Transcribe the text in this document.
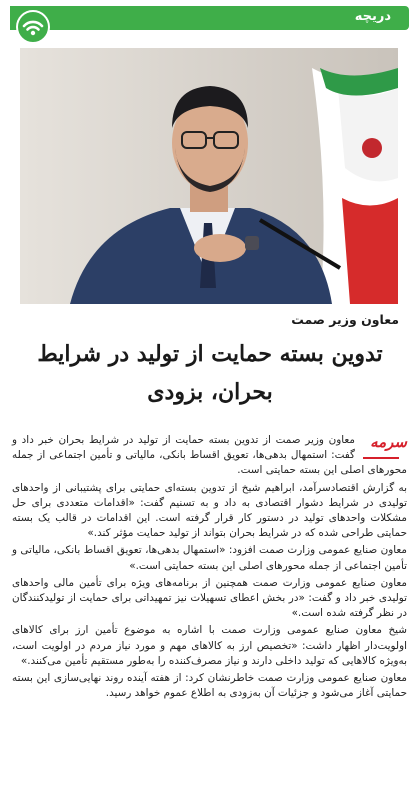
دریچه
معاون وزیر صمت
تدوین بسته حمایت از تولید در شرایط
بحران، بزودی
سرمه

معاون وزیر صمت از تدوین بسته حمایت از تولید در شرایط بحران خبر داد و گفت: استمهال بدهی‌ها، تعویق اقساط بانکی، مالیاتی و تأمین اجتماعی از جمله محورهای اصلی این بسته حمایتی است.

به گزارش اقتصادسرآمد، ابراهیم شیخ از تدوین بسته‌ای حمایتی برای پشتیبانی از واحدهای تولیدی در شرایط دشوار اقتصادی به داد و به تسنیم گفت: «اقدامات متعددی برای حل مشکلات واحدهای تولید در دستور کار قرار گرفته است. این اقدامات در قالب یک بسته حمایتی طراحی شده که در شرایط بحران بتواند از تولید حمایت مؤثر کند.»

معاون صنایع عمومی وزارت صمت افزود: «استمهال بدهی‌ها، تعویق اقساط بانکی، مالیاتی و تأمین اجتماعی از جمله محورهای اصلی این بسته حمایتی است.»

معاون صنایع عمومی وزارت صمت همچنین از برنامه‌های ویژه برای تأمین مالی واحدهای تولیدی خبر داد و گفت: «در بخش اعطای تسهیلات نیز تمهیداتی برای حمایت از تولیدکنندگان در نظر گرفته شده است.»

شیخ معاون صنایع عمومی وزارت صمت با اشاره به موضوع تأمین ارز برای کالاهای اولویت‌دار اظهار داشت: «تخصیص ارز به کالاهای مهم و مورد نیاز مردم در اولویت است، به‌ویژه کالاهایی که تولید داخلی دارند و نیاز مصرف‌کننده را به‌طور مستقیم تأمین می‌کنند.»

معاون صنایع عمومی وزارت صمت خاطرنشان کرد: از هفته آینده روند نهایی‌سازی این بسته حمایتی آغاز می‌شود و جزئیات آن به‌زودی به اطلاع عموم خواهد رسید.
